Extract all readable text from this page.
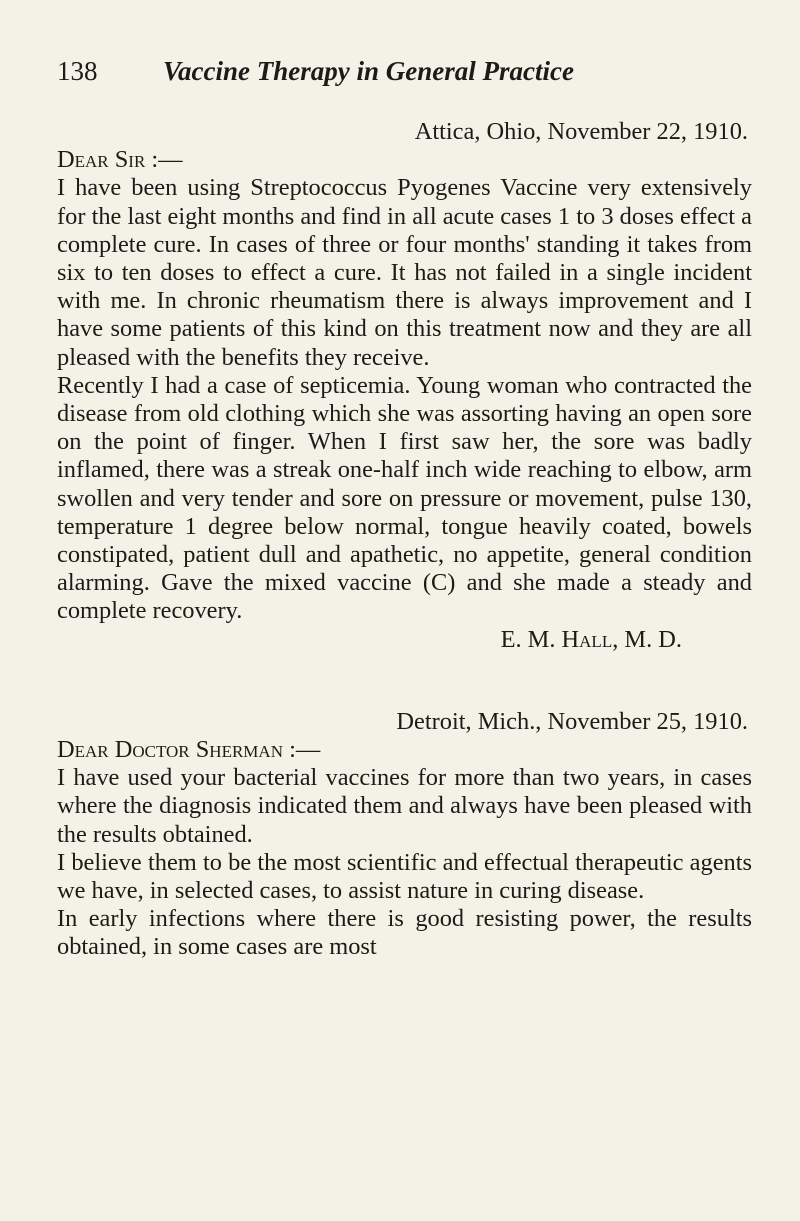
138 Vaccine Therapy in General Practice
Attica, Ohio, November 22, 1910.
Dear Sir :—

I have been using Streptococcus Pyogenes Vaccine very extensively for the last eight months and find in all acute cases 1 to 3 doses effect a complete cure. In cases of three or four months' standing it takes from six to ten doses to effect a cure. It has not failed in a single incident with me. In chronic rheumatism there is always improvement and I have some patients of this kind on this treatment now and they are all pleased with the benefits they receive.

Recently I had a case of septicemia. Young woman who contracted the disease from old clothing which she was assorting having an open sore on the point of finger. When I first saw her, the sore was badly inflamed, there was a streak one-half inch wide reaching to elbow, arm swollen and very tender and sore on pressure or movement, pulse 130, temperature 1 degree below normal, tongue heavily coated, bowels constipated, patient dull and apathetic, no appetite, general condition alarming. Gave the mixed vaccine (C) and she made a steady and complete recovery.

E. M. Hall, M. D.
Detroit, Mich., November 25, 1910.
Dear Doctor Sherman :—

I have used your bacterial vaccines for more than two years, in cases where the diagnosis indicated them and always have been pleased with the results obtained.

I believe them to be the most scientific and effectual therapeutic agents we have, in selected cases, to assist nature in curing disease.

In early infections where there is good resisting power, the results obtained, in some cases are most
